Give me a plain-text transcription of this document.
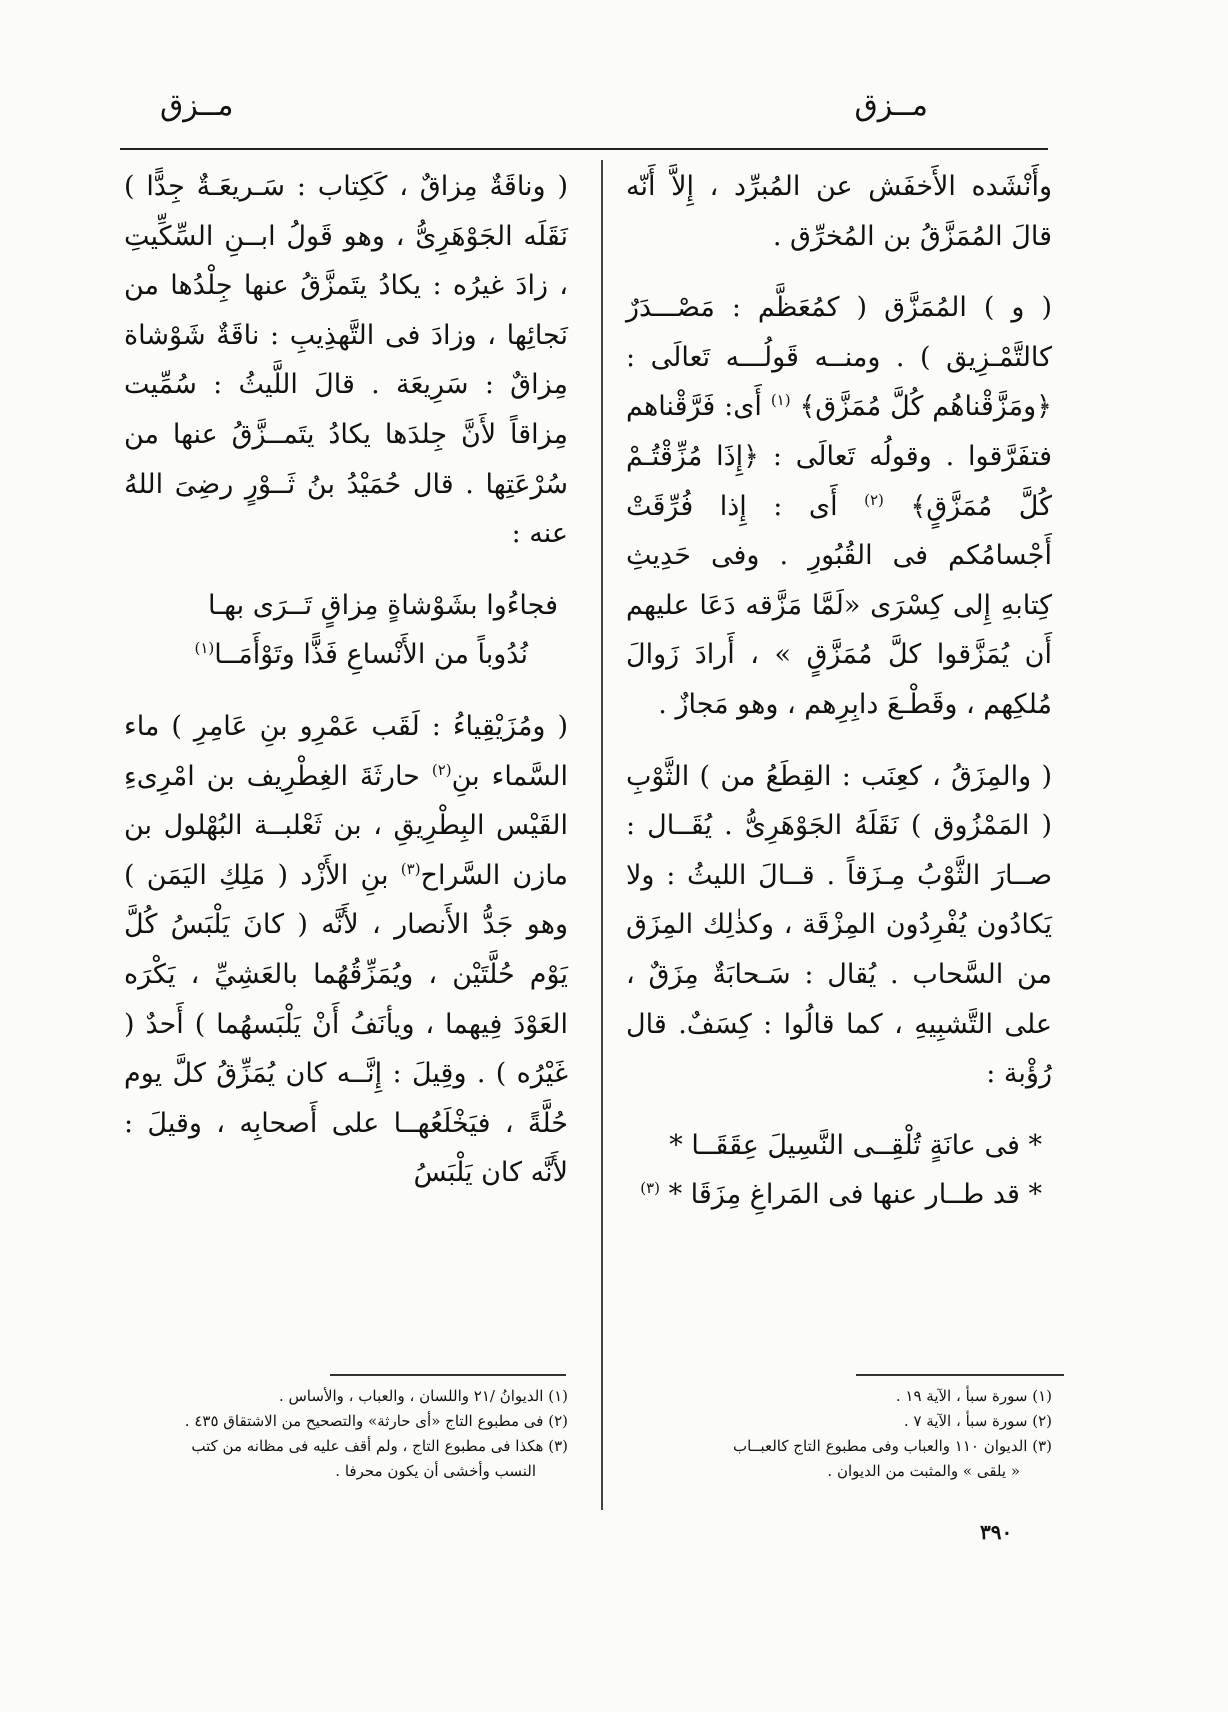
مــزق
مــزق

وأَنْشَده الأَخفَش عن المُبرِّد ، إِلاَّ أَنّه قالَ المُمَزَّقُ بن المُخرِّق .

( و ) المُمَزَّق ( كمُعَظَّم : مَصْـــدَرٌ كالتَّمْـزِيق ) . ومنــه قَولُـــه تَعالَى : ﴿ومَزَّقْناهُم كُلَّ مُمَزَّق﴾ $^{(١)}$ أَى: فَرَّقْناهم فتفَرَّقوا . وقولُه تَعالَى : ﴿إِذَا مُزِّقْتُـمْ كُلَّ مُمَزَّقٍ﴾ $^{(٢)}$ أَى : إِذا فُرِّقَتْ أَجْسامُكم فى القُبُورِ . وفى حَدِيثِ كِتابهِ إِلى كِسْرَى «لَمَّا مَزَّقه دَعَا عليهم أَن يُمَزَّقوا كلَّ مُمَزَّقٍ » ، أَرادَ زَوالَ مُلكِهم ، وقَطْـعَ دابِرِهم ، وهو مَجازٌ .

( والمِزَقُ ، كعِنَب : القِطَعُ من ) الثَّوْبِ ( المَمْزُوق ) نَقَلَهُ الجَوْهَرِىُّ . يُقَــال : صــارَ الثَّوْبُ مِـزَقاً . قــالَ الليثُ : ولا يَكادُون يُفْرِدُون المِزْقَة ، وكذٰلِك المِزَق من السَّحاب . يُقال : سَـحابَةٌ مِزَقٌ ، على التَّشبِيهِ ، كما قالُوا : كِسَفٌ. قال رُؤْبة :

* فى عانَةٍ تُلْقِــى النَّسِيلَ عِقَقَــا *
* قد طــار عنها فى المَراغِ مِزَقَا * $^{(٣)}$

( وناقَةٌ مِزاقٌ ، كَكِتاب : سَـريعَـةٌ جِدًّا ) نَقَلَه الجَوْهَرِىُّ ، وهو قَولُ ابــنِ السِّكِّيتِ ، زادَ غيرُه : يكادُ يتَمزَّقُ عنها جِلْدُها من نَجائِها ، وزادَ فى التَّهذِيبِ : ناقَةٌ شَوْشاة مِزاقٌ : سَرِيعَة . قالَ اللَّيثُ : سُمِّيت مِزاقاً لأَنَّ جِلدَها يكادُ يتَمــزَّقُ عنها من سُرْعَتِها . قال حُمَيْدُ بنُ ثَــوْرٍ رضِىَ اللهُ عنه :

فجاءُوا بشَوْشاةٍ مِزاقٍ تَــرَى بهـا
نُدُوباً من الأَنْساعِ فَذًّا وتَوْأَمَــا$^{(١)}$

( ومُزَيْقِياءُ : لَقَب عَمْرِو بنِ عَامِرِ ) ماء السَّماء بنِ$^{(٢)}$ حارثَةَ الغِطْرِيف بن امْرِىءِ القَيْس البِطْرِيقِ ، بن ثَعْلبــة البُهْلول بن مازن السَّراح$^{(٣)}$ بنِ الأَزْد ( مَلِكِ اليَمَن ) وهو جَدُّ الأَنصار ، لأَنَّه ( كانَ يَلْبَسُ كُلَّ يَوْم حُلَّتَيْن ، ويُمَزِّقُهُما بالعَشِيِّ ، يَكْرَه العَوْدَ فِيهما ، ويأنَفُ أَنْ يَلْبَسهُما ) أَحدٌ ( غَيْرُه ) . وقِيلَ : إِنَّــه كان يُمَزِّقُ كلَّ يوم حُلَّةً ، فيَخْلَعُهــا على أَصحابِه ، وقيلَ : لأَنَّه كان يَلْبَسُ

(١) سورة سبأ ، الآية ١٩ .
(٢) سورة سبأ ، الآية ٧ .
(٣) الديوان ١١٠ والعباب وفى مطبوع التاج كالعبــاب
« يلقى » والمثبت من الديوان .
(١) الديوانُ /٢١ واللسان ، والعباب ، والأساس .
(٢) فى مطبوع التاج «أى حارثة» والتصحيح من الاشتقاق ٤٣٥ .
(٣) هكذا فى مطبوع التاج ، ولم أقف عليه فى مظانه من كتب
النسب وأخشى أن يكون محرفا .
٣٩٠
